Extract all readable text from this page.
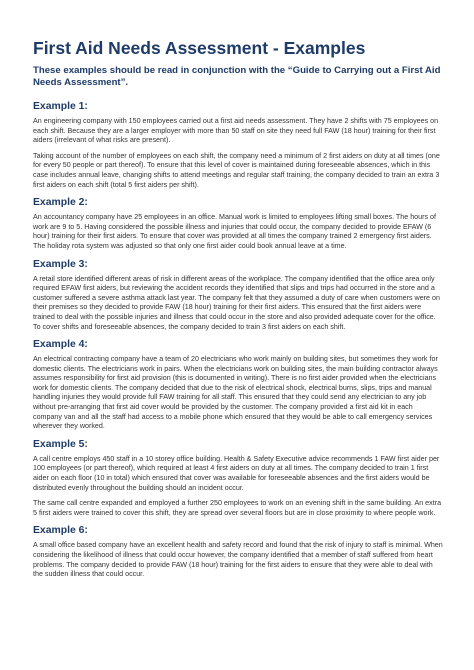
First Aid Needs Assessment - Examples

These examples should be read in conjunction with the “Guide to Carrying out a First Aid Needs Assessment”.

Example 1:

An engineering company with 150 employees carried out a first aid needs assessment. They have 2 shifts with 75 employees on each shift. Because they are a larger employer with more than 50 staff on site they need full FAW (18 hour) training for their first aiders (irrelevant of what risks are present).

Taking account of the number of employees on each shift, the company need a minimum of 2 first aiders on duty at all times (one for every 50 people or part thereof). To ensure that this level of cover is maintained during foreseeable absences, which in this case includes annual leave, changing shifts to attend meetings and regular staff training, the company decided to train an extra 3 first aiders on each shift (total 5 first aiders per shift).

Example 2:

An accountancy company have 25 employees in an office. Manual work is limited to employees lifting small boxes. The hours of work are 9 to 5. Having considered the possible illness and injuries that could occur, the company decided to provide EFAW (6 hour) training for their first aiders. To ensure that cover was provided at all times the company trained 2 emergency first aiders. The holiday rota system was adjusted so that only one first aider could book annual leave at a time.

Example 3:

A retail store identified different areas of risk in different areas of the workplace. The company identified that the office area only required EFAW first aiders, but reviewing the accident records they identified that slips and trips had occurred in the store and a customer suffered a severe asthma attack last year. The company felt that they assumed a duty of care when customers were on their premises so they decided to provide FAW (18 hour) training for their first aiders. This ensured that the first aiders were trained to deal with the possible injuries and illness that could occur in the store and also provided adequate cover for the office. To cover shifts and foreseeable absences, the company decided to train 3 first aiders on each shift.

Example 4:

An electrical contracting company have a team of 20 electricians who work mainly on building sites, but sometimes they work for domestic clients. The electricians work in pairs. When the electricians work on building sites, the main building contractor always assumes responsibility for first aid provision (this is documented in writing). There is no first aider provided when the electricians work for domestic clients. The company decided that due to the risk of electrical shock, electrical burns, slips, trips and manual handling injuries they would provide full FAW training for all staff. This ensured that they could send any electrician to any job without pre-arranging that first aid cover would be provided by the customer. The company provided a first aid kit in each company van and all the staff had access to a mobile phone which ensured that they would be able to call emergency services wherever they worked.

Example 5:

A call centre employs 450 staff in a 10 storey office building. Health & Safety Executive advice recommends 1 FAW first aider per 100 employees (or part thereof), which required at least 4 first aiders on duty at all times. The company decided to train 1 first aider on each floor (10 in total) which ensured that cover was available for foreseeable absences and the first aiders would be distributed evenly throughout the building should an incident occur.

The same call centre expanded and employed a further 250 employees to work on an evening shift in the same building. An extra 5 first aiders were trained to cover this shift, they are spread over several floors but are in close proximity to where people work.

Example 6:

A small office based company have an excellent health and safety record and found that the risk of injury to staff is minimal. When considering the likelihood of illness that could occur however, the company identified that a member of staff suffered from heart problems. The company decided to provide FAW (18 hour) training for the first aiders to ensure that they were able to deal with the sudden illness that could occur.
